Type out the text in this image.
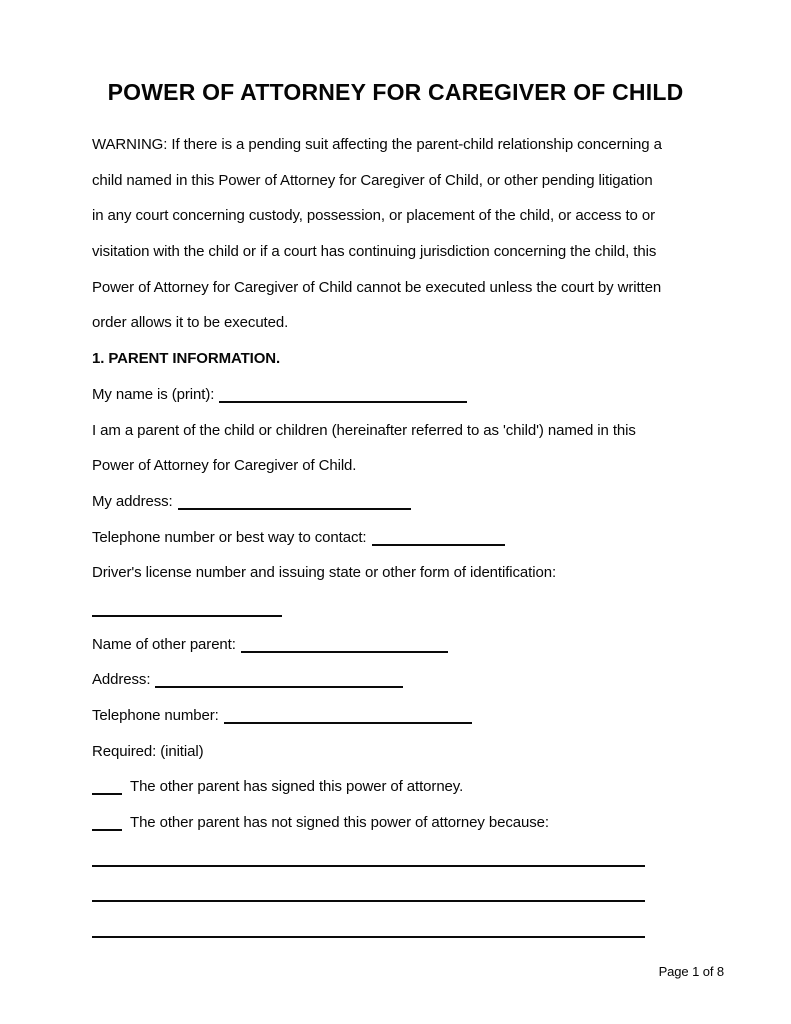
POWER OF ATTORNEY FOR CAREGIVER OF CHILD
WARNING: If there is a pending suit affecting the parent-child relationship concerning a
child named in this Power of Attorney for Caregiver of Child, or other pending litigation
in any court concerning custody, possession, or placement of the child, or access to or
visitation with the child or if a court has continuing jurisdiction concerning the child, this
Power of Attorney for Caregiver of Child cannot be executed unless the court by written
order allows it to be executed.
1. PARENT INFORMATION.
My name is (print):
I am a parent of the child or children (hereinafter referred to as 'child') named in this
Power of Attorney for Caregiver of Child.
My address:
Telephone number or best way to contact:
Driver's license number and issuing state or other form of identification:
Name of other parent:
Address:
Telephone number:
Required: (initial)
The other parent has signed this power of attorney.
The other parent has not signed this power of attorney because:
Page 1 of 8
